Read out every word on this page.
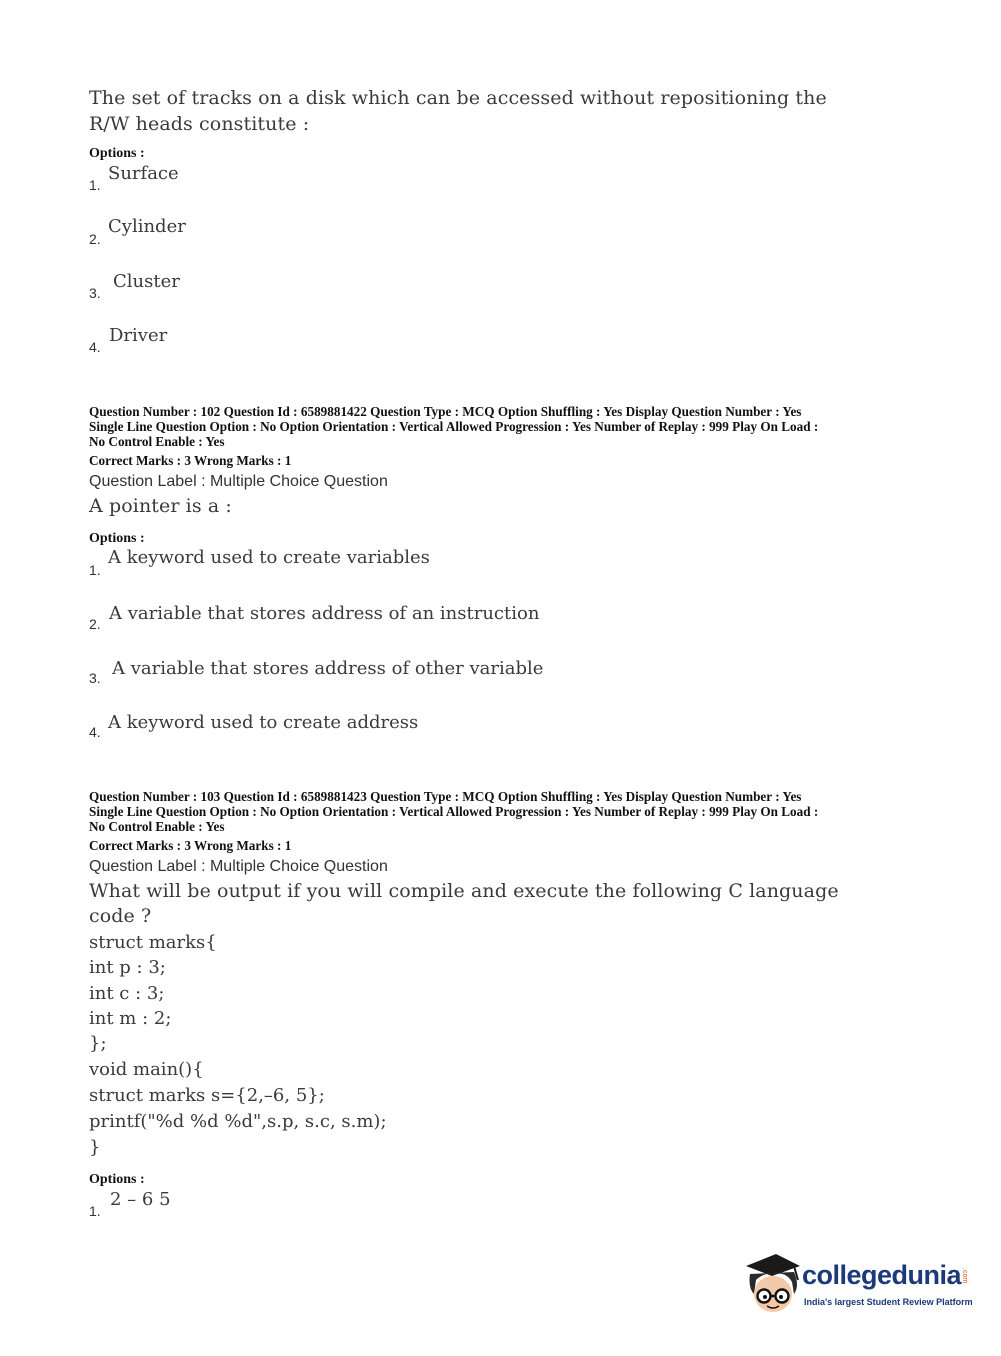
The set of tracks on a disk which can be accessed without repositioning the
R/W heads constitute :
Options :
1.
Surface
2.
Cylinder
3.
Cluster
4.
Driver
Question Number : 102 Question Id : 6589881422 Question Type : MCQ Option Shuffling : Yes Display Question Number : Yes
Single Line Question Option : No Option Orientation : Vertical Allowed Progression : Yes Number of Replay : 999 Play On Load :
No Control Enable : Yes
Correct Marks : 3 Wrong Marks : 1
Question Label : Multiple Choice Question
A pointer is a :
Options :
1.
A keyword used to create variables
2. A variable that stores address of an instruction
3. A variable that stores address of other variable
4. A keyword used to create address
Question Number : 103 Question Id : 6589881423 Question Type : MCQ Option Shuffling : Yes Display Question Number : Yes
Single Line Question Option : No Option Orientation : Vertical Allowed Progression : Yes Number of Replay : 999 Play On Load :
No Control Enable : Yes
Correct Marks : 3 Wrong Marks : 1
Question Label : Multiple Choice Question
What will be output if you will compile and execute the following C language
code ?
struct marks{
int p : 3;
int c : 3;
int m : 2;
};
void main(){
struct marks s={2,–6, 5};
printf("%d %d %d",s.p, s.c, s.m);
}
Options :
1.
2 – 6 5
collegedunia .com
India's largest Student Review Platform
